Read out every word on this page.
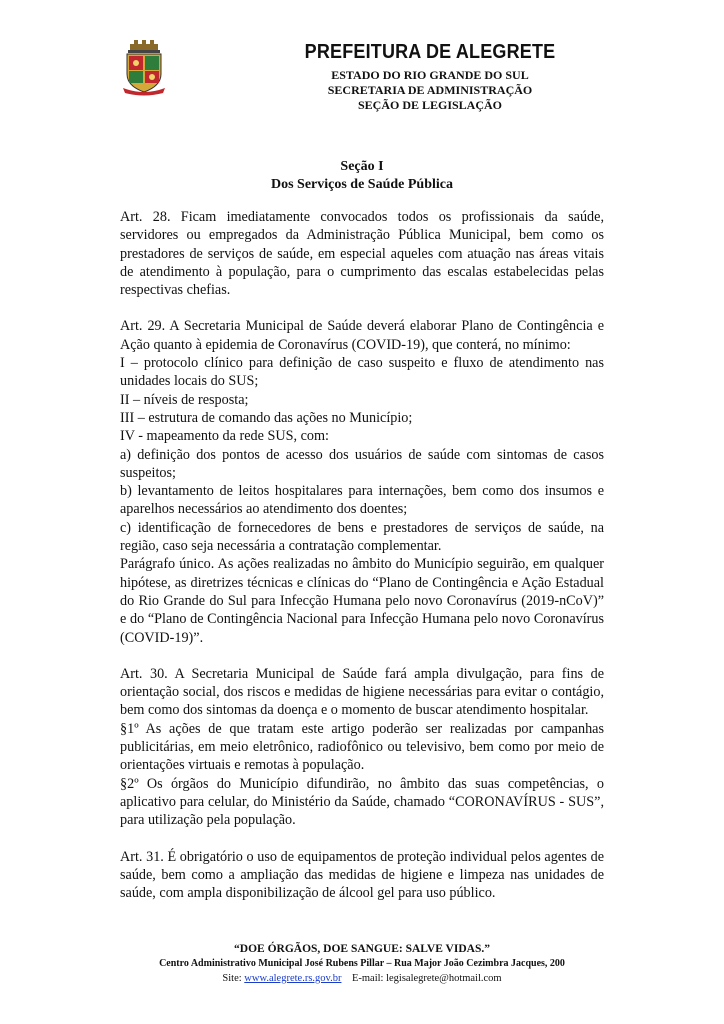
PREFEITURA DE ALEGRETE
ESTADO DO RIO GRANDE DO SUL
SECRETARIA DE ADMINISTRAÇÃO
SEÇÃO DE LEGISLAÇÃO
Seção I
Dos Serviços de Saúde Pública

Art. 28. Ficam imediatamente convocados todos os profissionais da saúde, servidores ou empregados da Administração Pública Municipal, bem como os prestadores de serviços de saúde, em especial aqueles com atuação nas áreas vitais de atendimento à população, para o cumprimento das escalas estabelecidas pelas respectivas chefias.

Art. 29. A Secretaria Municipal de Saúde deverá elaborar Plano de Contingência e Ação quanto à epidemia de Coronavírus (COVID-19), que conterá, no mínimo:

I – protocolo clínico para definição de caso suspeito e fluxo de atendimento nas unidades locais do SUS;

II – níveis de resposta;

III – estrutura de comando das ações no Município;

IV - mapeamento da rede SUS, com:

a) definição dos pontos de acesso dos usuários de saúde com sintomas de casos suspeitos;

b) levantamento de leitos hospitalares para internações, bem como dos insumos e aparelhos necessários ao atendimento dos doentes;

c) identificação de fornecedores de bens e prestadores de serviços de saúde, na região, caso seja necessária a contratação complementar.

Parágrafo único. As ações realizadas no âmbito do Município seguirão, em qualquer hipótese, as diretrizes técnicas e clínicas do “Plano de Contingência e Ação Estadual do Rio Grande do Sul para Infecção Humana pelo novo Coronavírus (2019-nCoV)” e do “Plano de Contingência Nacional para Infecção Humana pelo novo Coronavírus (COVID-19)”.

Art. 30. A Secretaria Municipal de Saúde fará ampla divulgação, para fins de orientação social, dos riscos e medidas de higiene necessárias para evitar o contágio, bem como dos sintomas da doença e o momento de buscar atendimento hospitalar.

§1º As ações de que tratam este artigo poderão ser realizadas por campanhas publicitárias, em meio eletrônico, radiofônico ou televisivo, bem como por meio de orientações virtuais e remotas à população.

§2º Os órgãos do Município difundirão, no âmbito das suas competências, o aplicativo para celular, do Ministério da Saúde, chamado “CORONAVÍRUS - SUS”, para utilização pela população.

Art. 31. É obrigatório o uso de equipamentos de proteção individual pelos agentes de saúde, bem como a ampliação das medidas de higiene e limpeza nas unidades de saúde, com ampla disponibilização de álcool gel para uso público.

“DOE ÓRGÃOS, DOE SANGUE: SALVE VIDAS.”
Centro Administrativo Municipal José Rubens Pillar – Rua Major João Cezimbra Jacques, 200
Site: www.alegrete.rs.gov.br E-mail: legisalegrete@hotmail.com
